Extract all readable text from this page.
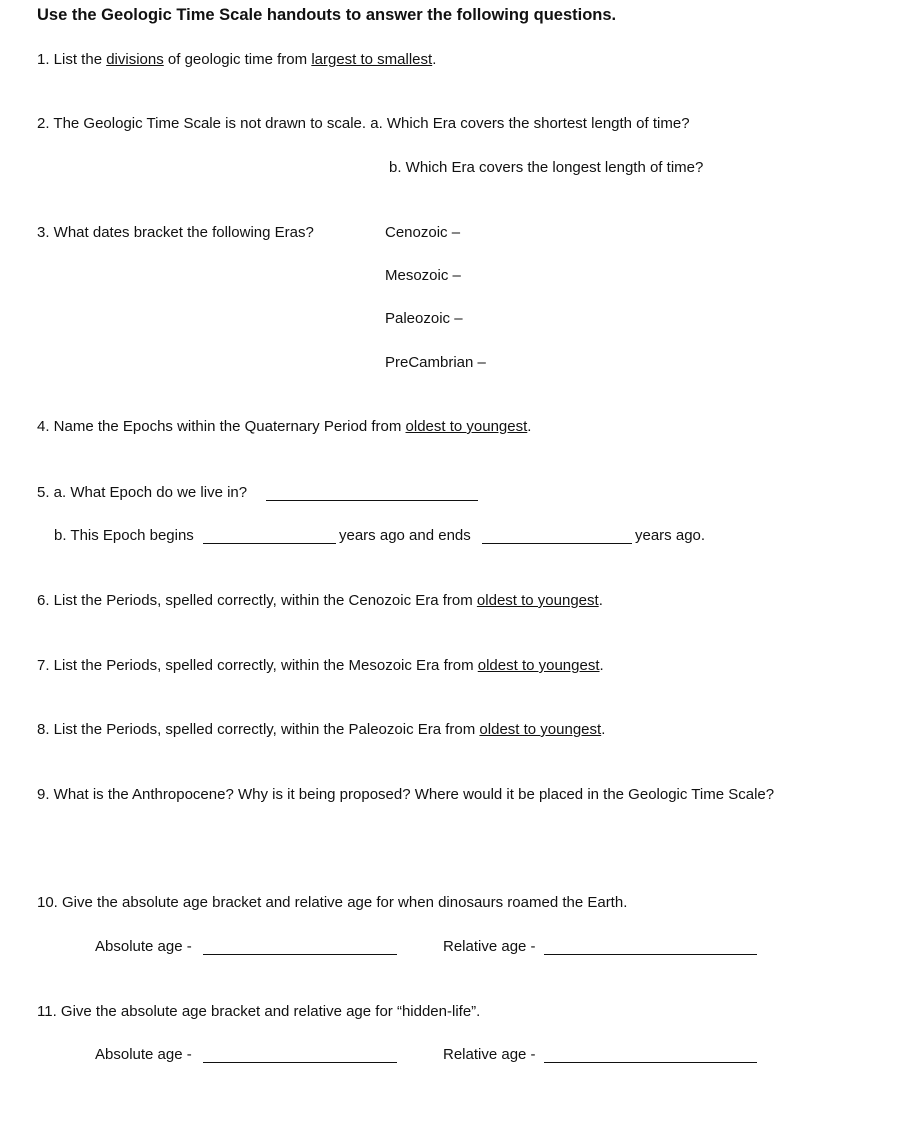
Use the Geologic Time Scale handouts to answer the following questions.
1. List the divisions of geologic time from largest to smallest.
2. The Geologic Time Scale is not drawn to scale. a. Which Era covers the shortest length of time?
b. Which Era covers the longest length of time?
3. What dates bracket the following Eras?	Cenozoic –
Mesozoic –
Paleozoic –
PreCambrian –
4. Name the Epochs within the Quaternary Period from oldest to youngest.
5. a. What Epoch do we live in?
b. This Epoch begins	years ago and ends	years ago.
6. List the Periods, spelled correctly, within the Cenozoic Era from oldest to youngest.
7. List the Periods, spelled correctly, within the Mesozoic Era from oldest to youngest.
8. List the Periods, spelled correctly, within the Paleozoic Era from oldest to youngest.
9. What is the Anthropocene? Why is it being proposed? Where would it be placed in the Geologic Time Scale?
10. Give the absolute age bracket and relative age for when dinosaurs roamed the Earth.
Absolute age -	Relative age -
11. Give the absolute age bracket and relative age for “hidden-life”.
Absolute age -	Relative age -
